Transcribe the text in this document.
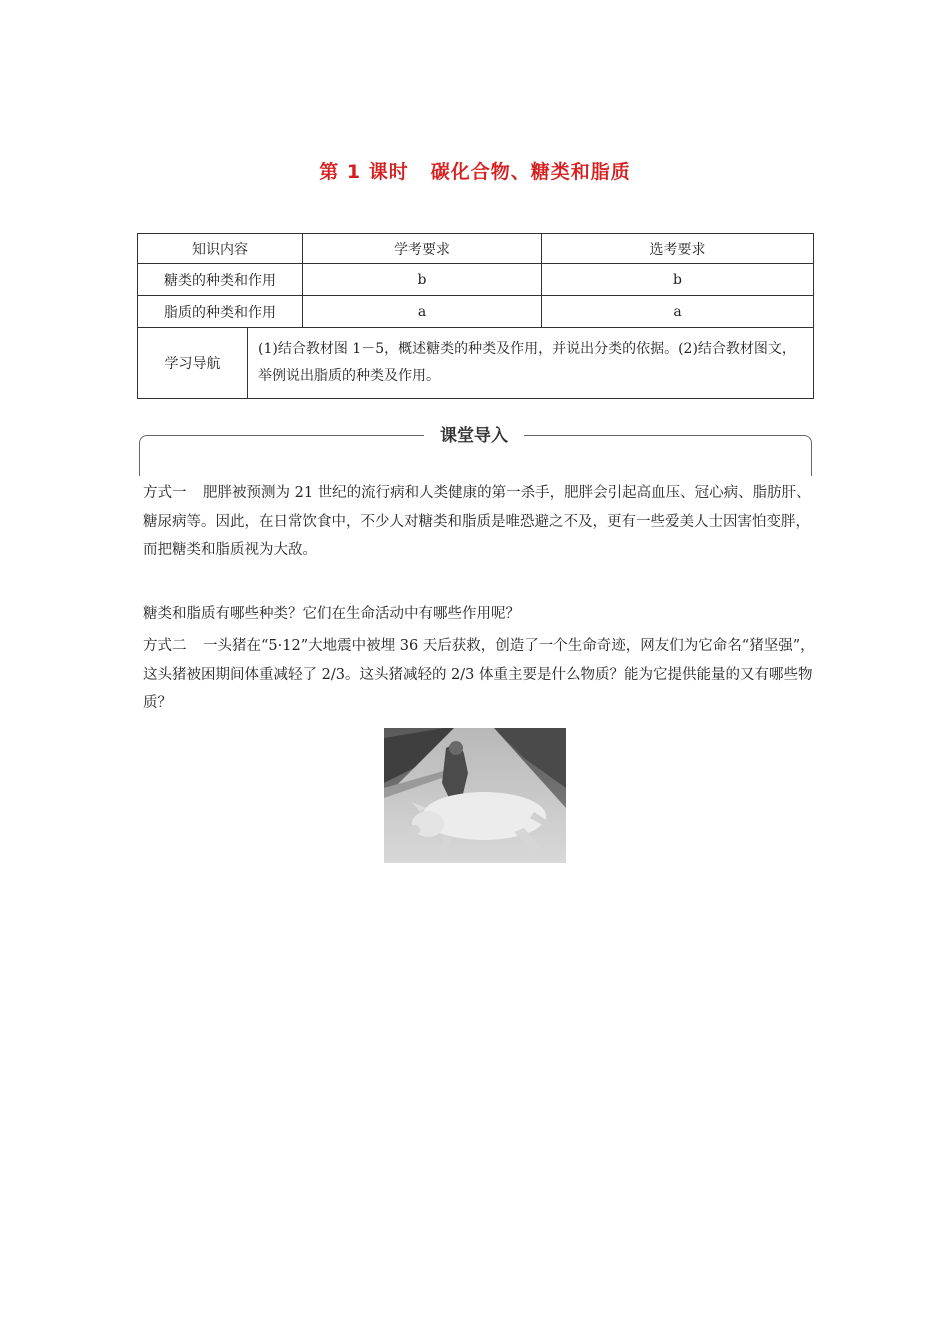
第 1 课时 碳化合物、糖类和脂质
知识内容		学考要求	选考要求
糖类的种类和作用		b	b
脂质的种类和作用		a	a
学习导航	(1)结合教材图 1－5，概述糖类的种类及作用，并说出分类的依据。(2)结合教材图文，举例说出脂质的种类及作用。		
课堂导入

方式一 肥胖被预测为 21 世纪的流行病和人类健康的第一杀手，肥胖会引起高血压、冠心病、脂肪肝、糖尿病等。因此，在日常饮食中，不少人对糖类和脂质是唯恐避之不及，更有一些爱美人士因害怕变胖，而把糖类和脂质视为大敌。

糖类和脂质有哪些种类？它们在生命活动中有哪些作用呢？

方式二 一头猪在“5·12”大地震中被埋 36 天后获救，创造了一个生命奇迹，网友们为它命名“猪坚强”，这头猪被困期间体重减轻了 2/3。这头猪减轻的 2/3 体重主要是什么物质？能为它提供能量的又有哪些物质？
